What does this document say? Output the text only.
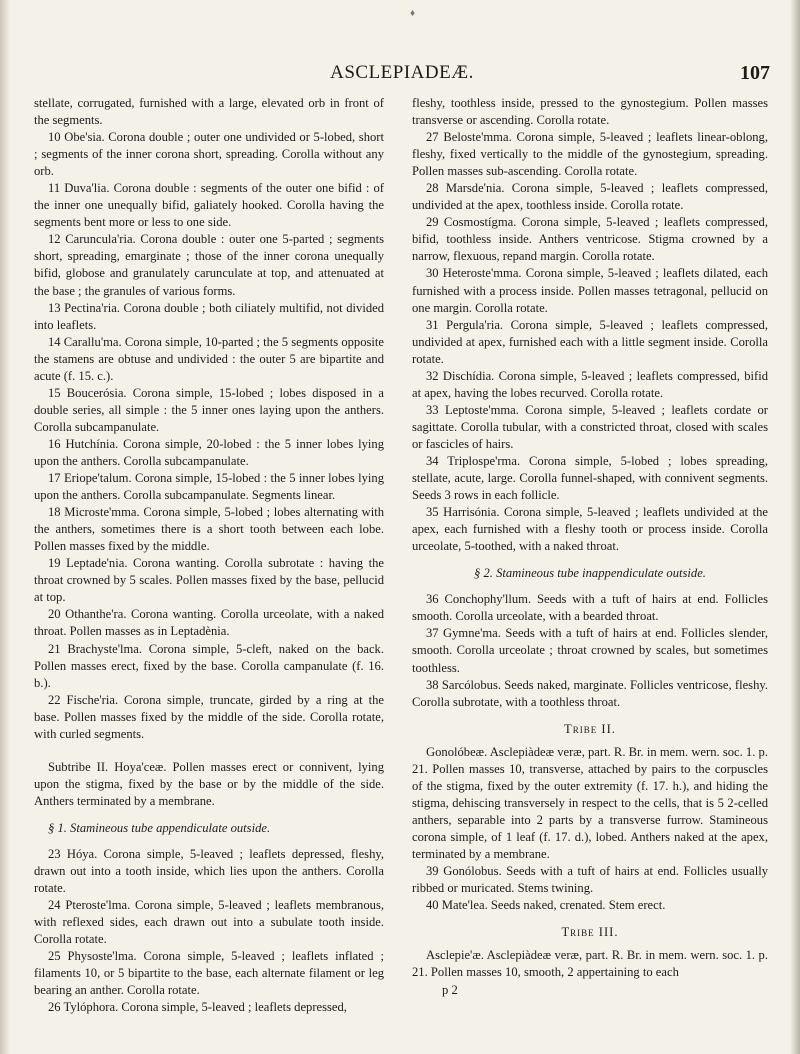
♦
ASCLEPIADEÆ.	107

stellate, corrugated, furnished with a large, elevated orb in front of the segments.

10 Obe'sia. Corona double ; outer one undivided or 5-lobed, short ; segments of the inner corona short, spreading. Corolla without any orb.

11 Duva'lia. Corona double : segments of the outer one bifid : of the inner one unequally bifid, galiately hooked. Corolla having the segments bent more or less to one side.

12 Caruncula'ria. Corona double : outer one 5-parted ; segments short, spreading, emarginate ; those of the inner corona unequally bifid, globose and granulately carunculate at top, and attenuated at the base ; the granules of various forms.

13 Pectina'ria. Corona double ; both ciliately multifid, not divided into leaflets.

14 Carallu'ma. Corona simple, 10-parted ; the 5 segments opposite the stamens are obtuse and undivided : the outer 5 are bipartite and acute (f. 15. c.).

15 Boucerósia. Corona simple, 15-lobed ; lobes disposed in a double series, all simple : the 5 inner ones laying upon the anthers. Corolla subcampanulate.

16 Hutchínia. Corona simple, 20-lobed : the 5 inner lobes lying upon the anthers. Corolla subcampanulate.

17 Eriope'talum. Corona simple, 15-lobed : the 5 inner lobes lying upon the anthers. Corolla subcampanulate. Segments linear.

18 Microste'mma. Corona simple, 5-lobed ; lobes alternating with the anthers, sometimes there is a short tooth between each lobe. Pollen masses fixed by the middle.

19 Leptade'nia. Corona wanting. Corolla subrotate : having the throat crowned by 5 scales. Pollen masses fixed by the base, pellucid at top.

20 Othanthe'ra. Corona wanting. Corolla urceolate, with a naked throat. Pollen masses as in Leptadènia.

21 Brachyste'lma. Corona simple, 5-cleft, naked on the back. Pollen masses erect, fixed by the base. Corolla campanulate (f. 16. b.).

22 Fische'ria. Corona simple, truncate, girded by a ring at the base. Pollen masses fixed by the middle of the side. Corolla rotate, with curled segments.

Subtribe II. Hoya'ceæ. Pollen masses erect or connivent, lying upon the stigma, fixed by the base or by the middle of the side. Anthers terminated by a membrane.

§ 1. Stamineous tube appendiculate outside.

23 Hóya. Corona simple, 5-leaved ; leaflets depressed, fleshy, drawn out into a tooth inside, which lies upon the anthers. Corolla rotate.

24 Pteroste'lma. Corona simple, 5-leaved ; leaflets membranous, with reflexed sides, each drawn out into a subulate tooth inside. Corolla rotate.

25 Physoste'lma. Corona simple, 5-leaved ; leaflets inflated ; filaments 10, or 5 bipartite to the base, each alternate filament or leg bearing an anther. Corolla rotate.

26 Tylóphora. Corona simple, 5-leaved ; leaflets depressed,

fleshy, toothless inside, pressed to the gynostegium. Pollen masses transverse or ascending. Corolla rotate.

27 Beloste'mma. Corona simple, 5-leaved ; leaflets linear-oblong, fleshy, fixed vertically to the middle of the gynostegium, spreading. Pollen masses sub-ascending. Corolla rotate.

28 Marsde'nia. Corona simple, 5-leaved ; leaflets compressed, undivided at the apex, toothless inside. Corolla rotate.

29 Cosmostígma. Corona simple, 5-leaved ; leaflets compressed, bifid, toothless inside. Anthers ventricose. Stigma crowned by a narrow, flexuous, repand margin. Corolla rotate.

30 Heteroste'mma. Corona simple, 5-leaved ; leaflets dilated, each furnished with a process inside. Pollen masses tetragonal, pellucid on one margin. Corolla rotate.

31 Pergula'ria. Corona simple, 5-leaved ; leaflets compressed, undivided at apex, furnished each with a little segment inside. Corolla rotate.

32 Dischídia. Corona simple, 5-leaved ; leaflets compressed, bifid at apex, having the lobes recurved. Corolla rotate.

33 Leptoste'mma. Corona simple, 5-leaved ; leaflets cordate or sagittate. Corolla tubular, with a constricted throat, closed with scales or fascicles of hairs.

34 Triplospe'rma. Corona simple, 5-lobed ; lobes spreading, stellate, acute, large. Corolla funnel-shaped, with connivent segments. Seeds 3 rows in each follicle.

35 Harrisónia. Corona simple, 5-leaved ; leaflets undivided at the apex, each furnished with a fleshy tooth or process inside. Corolla urceolate, 5-toothed, with a naked throat.

§ 2. Stamineous tube inappendiculate outside.

36 Conchophy'llum. Seeds with a tuft of hairs at end. Follicles smooth. Corolla urceolate, with a bearded throat.

37 Gymne'ma. Seeds with a tuft of hairs at end. Follicles slender, smooth. Corolla urceolate ; throat crowned by scales, but sometimes toothless.

38 Sarcólobus. Seeds naked, marginate. Follicles ventricose, fleshy. Corolla subrotate, with a toothless throat.

Tribe II.

Gonolóbeæ. Asclepiàdeæ veræ, part. R. Br. in mem. wern. soc. 1. p. 21. Pollen masses 10, transverse, attached by pairs to the corpuscles of the stigma, fixed by the outer extremity (f. 17. h.), and hiding the stigma, dehiscing transversely in respect to the cells, that is 5 2-celled anthers, separable into 2 parts by a transverse furrow. Stamineous corona simple, of 1 leaf (f. 17. d.), lobed. Anthers naked at the apex, terminated by a membrane.

39 Gonólobus. Seeds with a tuft of hairs at end. Follicles usually ribbed or muricated. Stems twining.

40 Mate'lea. Seeds naked, crenated. Stem erect.

Tribe III.

Asclepie'æ. Asclepiàdeæ veræ, part. R. Br. in mem. wern. soc. 1. p. 21. Pollen masses 10, smooth, 2 appertaining to each

p 2
